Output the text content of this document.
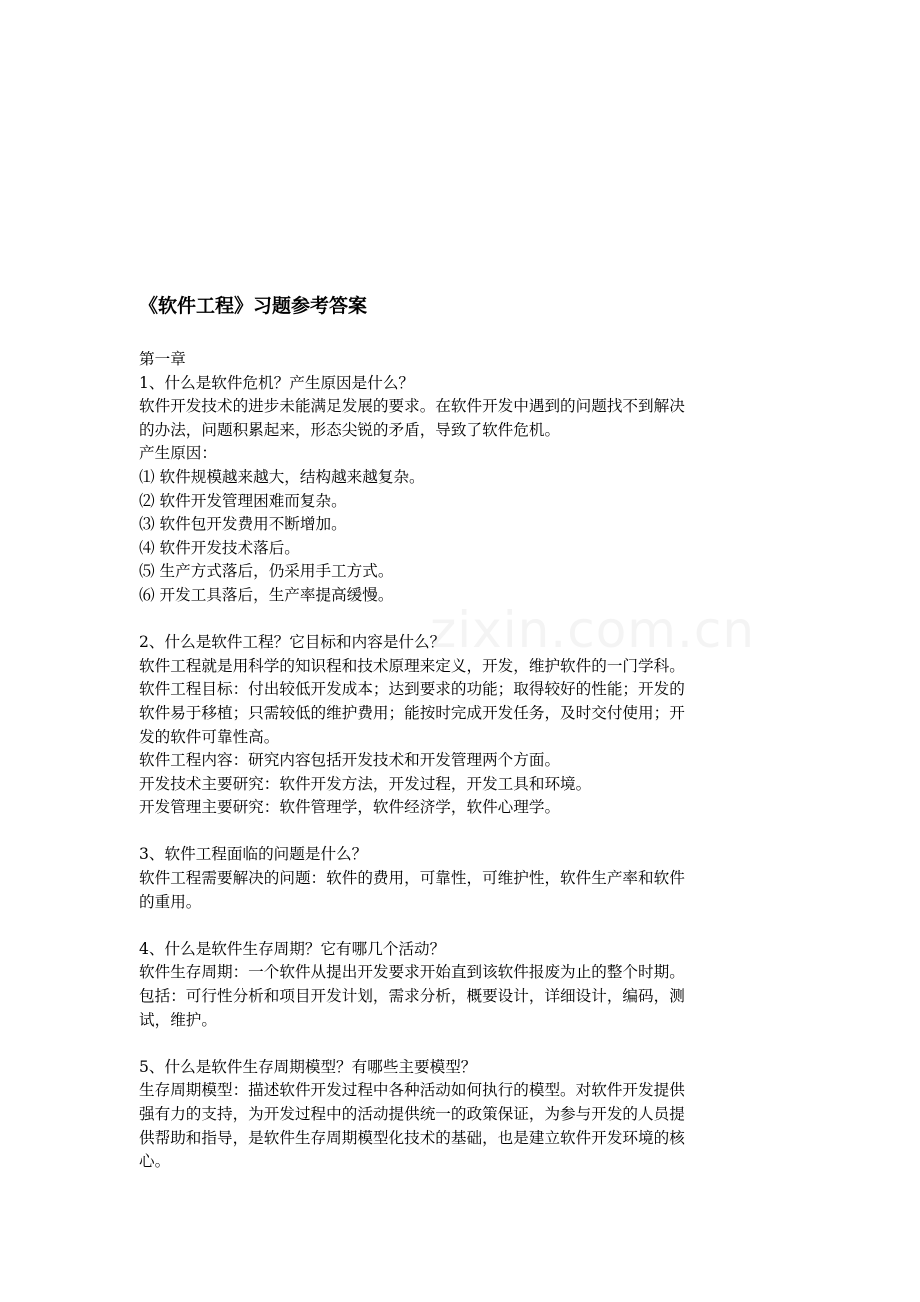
《软件工程》习题参考答案

第一章

1、什么是软件危机？产生原因是什么？

软件开发技术的进步未能满足发展的要求。在软件开发中遇到的问题找不到解决

的办法，问题积累起来，形态尖锐的矛盾，导致了软件危机。

产生原因：

⑴ 软件规模越来越大，结构越来越复杂。

⑵ 软件开发管理困难而复杂。

⑶ 软件包开发费用不断增加。

⑷ 软件开发技术落后。

⑸ 生产方式落后，仍采用手工方式。

⑹ 开发工具落后，生产率提高缓慢。

2、什么是软件工程？它目标和内容是什么？

软件工程就是用科学的知识程和技术原理来定义，开发，维护软件的一门学科。

软件工程目标：付出较低开发成本；达到要求的功能；取得较好的性能；开发的

软件易于移植；只需较低的维护费用；能按时完成开发任务，及时交付使用；开

发的软件可靠性高。

软件工程内容：研究内容包括开发技术和开发管理两个方面。

开发技术主要研究：软件开发方法，开发过程，开发工具和环境。

开发管理主要研究：软件管理学，软件经济学，软件心理学。

3、软件工程面临的问题是什么？

软件工程需要解决的问题：软件的费用，可靠性，可维护性，软件生产率和软件

的重用。

4、什么是软件生存周期？它有哪几个活动？

软件生存周期：一个软件从提出开发要求开始直到该软件报废为止的整个时期。

包括：可行性分析和项目开发计划，需求分析，概要设计，详细设计，编码，测

试，维护。

5、什么是软件生存周期模型？有哪些主要模型？

生存周期模型：描述软件开发过程中各种活动如何执行的模型。对软件开发提供

强有力的支持，为开发过程中的活动提供统一的政策保证，为参与开发的人员提

供帮助和指导，是软件生存周期模型化技术的基础，也是建立软件开发环境的核

心。

zixin.com.cn
